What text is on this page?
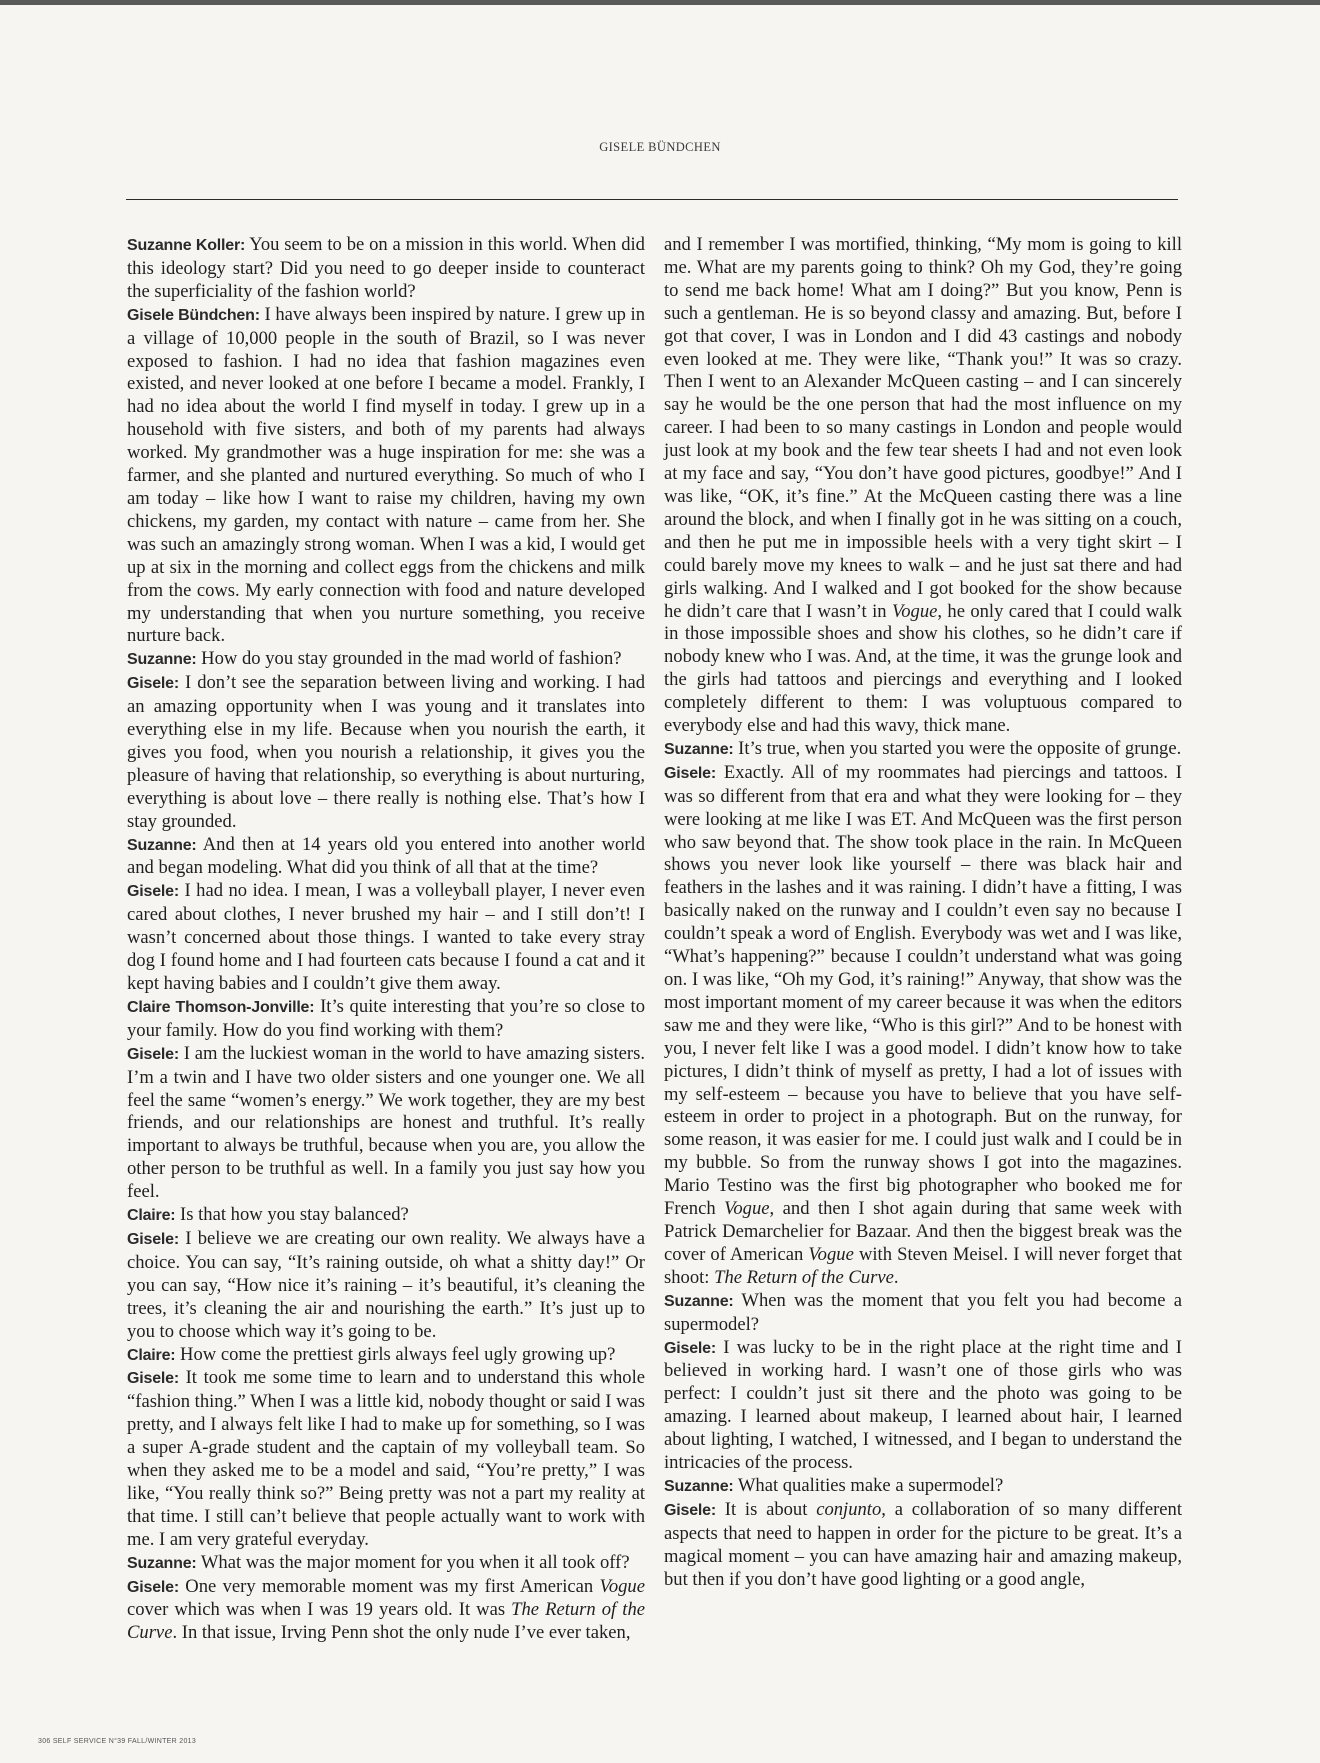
GISELE BÜNDCHEN

Suzanne Koller: You seem to be on a mission in this world. When did this ideology start? Did you need to go deeper inside to counteract the superficiality of the fashion world?

Gisele Bündchen: I have always been inspired by nature. I grew up in a village of 10,000 people in the south of Brazil, so I was never exposed to fashion. I had no idea that fashion magazines even existed, and never looked at one before I became a model. Frankly, I had no idea about the world I find myself in today. I grew up in a household with five sisters, and both of my parents had always worked. My grandmother was a huge inspiration for me: she was a farmer, and she planted and nurtured everything. So much of who I am today – like how I want to raise my children, having my own chickens, my garden, my contact with nature – came from her. She was such an amazingly strong woman. When I was a kid, I would get up at six in the morning and collect eggs from the chickens and milk from the cows. My early connection with food and nature developed my understanding that when you nurture something, you receive nurture back.

Suzanne: How do you stay grounded in the mad world of fashion?

Gisele: I don’t see the separation between living and working. I had an amazing opportunity when I was young and it translates into everything else in my life. Because when you nourish the earth, it gives you food, when you nourish a relationship, it gives you the pleasure of having that relationship, so everything is about nurturing, everything is about love – there really is nothing else. That’s how I stay grounded.

Suzanne: And then at 14 years old you entered into another world and began modeling. What did you think of all that at the time?

Gisele: I had no idea. I mean, I was a volleyball player, I never even cared about clothes, I never brushed my hair – and I still don’t! I wasn’t concerned about those things. I wanted to take every stray dog I found home and I had fourteen cats because I found a cat and it kept having babies and I couldn’t give them away.

Claire Thomson-Jonville: It’s quite interesting that you’re so close to your family. How do you find working with them?

Gisele: I am the luckiest woman in the world to have amazing sisters. I’m a twin and I have two older sisters and one younger one. We all feel the same “women’s energy.” We work together, they are my best friends, and our relationships are honest and truthful. It’s really important to always be truthful, because when you are, you allow the other person to be truthful as well. In a family you just say how you feel.

Claire: Is that how you stay balanced?

Gisele: I believe we are creating our own reality. We always have a choice. You can say, “It’s raining outside, oh what a shitty day!” Or you can say, “How nice it’s raining – it’s beautiful, it’s cleaning the trees, it’s cleaning the air and nourishing the earth.” It’s just up to you to choose which way it’s going to be.

Claire: How come the prettiest girls always feel ugly growing up?

Gisele: It took me some time to learn and to understand this whole “fashion thing.” When I was a little kid, nobody thought or said I was pretty, and I always felt like I had to make up for something, so I was a super A-grade student and the captain of my volleyball team. So when they asked me to be a model and said, “You’re pretty,” I was like, “You really think so?” Being pretty was not a part my reality at that time. I still can’t believe that people actually want to work with me. I am very grateful everyday.

Suzanne: What was the major moment for you when it all took off?

Gisele: One very memorable moment was my first American Vogue cover which was when I was 19 years old. It was The Return of the Curve. In that issue, Irving Penn shot the only nude I’ve ever taken,

and I remember I was mortified, thinking, “My mom is going to kill me. What are my parents going to think? Oh my God, they’re going to send me back home! What am I doing?” But you know, Penn is such a gentleman. He is so beyond classy and amazing. But, before I got that cover, I was in London and I did 43 castings and nobody even looked at me. They were like, “Thank you!” It was so crazy. Then I went to an Alexander McQueen casting – and I can sincerely say he would be the one person that had the most influence on my career. I had been to so many castings in London and people would just look at my book and the few tear sheets I had and not even look at my face and say, “You don’t have good pictures, goodbye!” And I was like, “OK, it’s fine.” At the McQueen casting there was a line around the block, and when I finally got in he was sitting on a couch, and then he put me in impossible heels with a very tight skirt – I could barely move my knees to walk – and he just sat there and had girls walking. And I walked and I got booked for the show because he didn’t care that I wasn’t in Vogue, he only cared that I could walk in those impossible shoes and show his clothes, so he didn’t care if nobody knew who I was. And, at the time, it was the grunge look and the girls had tattoos and piercings and everything and I looked completely different to them: I was voluptuous compared to everybody else and had this wavy, thick mane.

Suzanne: It’s true, when you started you were the opposite of grunge.

Gisele: Exactly. All of my roommates had piercings and tattoos. I was so different from that era and what they were looking for – they were looking at me like I was ET. And McQueen was the first person who saw beyond that. The show took place in the rain. In McQueen shows you never look like yourself – there was black hair and feathers in the lashes and it was raining. I didn’t have a fitting, I was basically naked on the runway and I couldn’t even say no because I couldn’t speak a word of English. Everybody was wet and I was like, “What’s happening?” because I couldn’t understand what was going on. I was like, “Oh my God, it’s raining!” Anyway, that show was the most important moment of my career because it was when the editors saw me and they were like, “Who is this girl?” And to be honest with you, I never felt like I was a good model. I didn’t know how to take pictures, I didn’t think of myself as pretty, I had a lot of issues with my self-esteem – because you have to believe that you have self-esteem in order to project in a photograph. But on the runway, for some reason, it was easier for me. I could just walk and I could be in my bubble. So from the runway shows I got into the magazines. Mario Testino was the first big photographer who booked me for French Vogue, and then I shot again during that same week with Patrick Demarchelier for Bazaar. And then the biggest break was the cover of American Vogue with Steven Meisel. I will never forget that shoot: The Return of the Curve.

Suzanne: When was the moment that you felt you had become a supermodel?

Gisele: I was lucky to be in the right place at the right time and I believed in working hard. I wasn’t one of those girls who was perfect: I couldn’t just sit there and the photo was going to be amazing. I learned about makeup, I learned about hair, I learned about lighting, I watched, I witnessed, and I began to understand the intricacies of the process.

Suzanne: What qualities make a supermodel?

Gisele: It is about conjunto, a collaboration of so many different aspects that need to happen in order for the picture to be great. It’s a magical moment – you can have amazing hair and amazing makeup, but then if you don’t have good lighting or a good angle,

306 SELF SERVICE N°39 FALL/WINTER 2013
